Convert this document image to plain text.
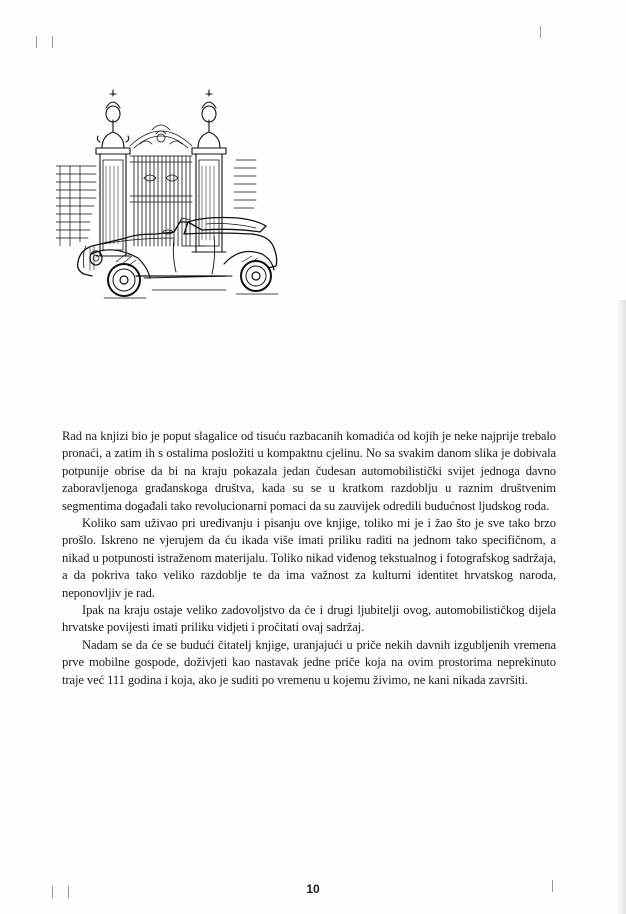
Rad na knjizi bio je poput slagalice od tisuću razbacanih komadića od kojih je neke najprije trebalo pronaći, a zatim ih s ostalima posložiti u kompaktnu cjelinu. No sa svakim danom slika je dobivala potpunije obrise da bi na kraju pokazala jedan čudesan automobilistički svijet jednoga davno zaboravljenoga građanskoga društva, kada su se u kratkom razdoblju u raznim društvenim segmentima događali tako revolucionarni pomaci da su zauvijek odredili budućnost ljudskog roda.

Koliko sam uživao pri uređivanju i pisanju ove knjige, toliko mi je i žao što je sve tako brzo prošlo. Iskreno ne vjerujem da ću ikada više imati priliku raditi na jednom tako specifičnom, a nikad u potpunosti istraženom materijalu. Toliko nikad viđenog tekstualnog i fotografskog sadržaja, a da pokriva tako veliko razdoblje te da ima važnost za kulturni identitet hrvatskog naroda, neponovljiv je rad.

Ipak na kraju ostaje veliko zadovoljstvo da će i drugi ljubitelji ovog, automobilističkog dijela hrvatske povijesti imati priliku vidjeti i pročitati ovaj sadržaj.

Nadam se da će se budući čitatelj knjige, uranjajući u priče nekih davnih izgubljenih vremena prve mobilne gospode, doživjeti kao nastavak jedne priče koja na ovim prostorima neprekinuto traje već 111 godina i koja, ako je suditi po vremenu u kojemu živimo, ne kani nikada završiti.

10
